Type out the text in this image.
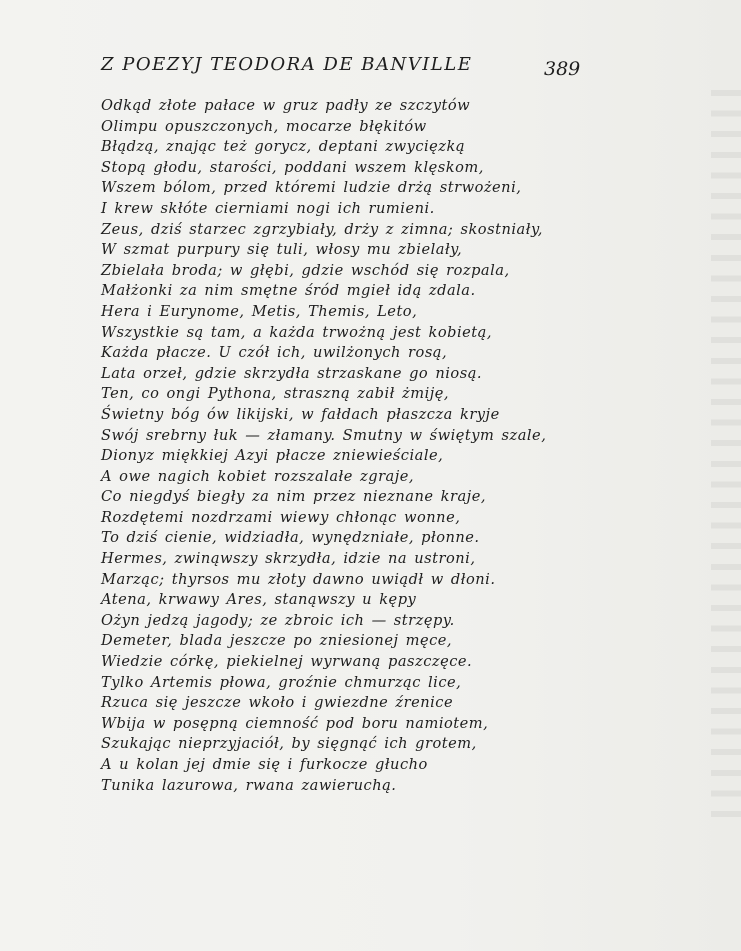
Z POEZYJ TEODORA DE BANVILLE	389
Odkąd złote pałace w gruz padły ze szczytów
Olimpu opuszczonych, mocarze błękitów
Błądzą, znając też gorycz, deptani zwycięzką
Stopą głodu, starości, poddani wszem klęskom,
Wszem bólom, przed któremi ludzie drżą strwożeni,
I krew skłóte cierniami nogi ich rumieni.
Zeus, dziś starzec zgrzybiały, drży z zimna; skostniały,
W szmat purpury się tuli, włosy mu zbielały,
Zbielała broda; w głębi, gdzie wschód się rozpala,
Małżonki za nim smętne śród mgieł idą zdala.
Hera i Eurynome, Metis, Themis, Leto,
Wszystkie są tam, a każda trwożną jest kobietą,
Każda płacze. U czół ich, uwilżonych rosą,
Lata orzeł, gdzie skrzydła strzaskane go niosą.
Ten, co ongi Pythona, straszną zabił żmiję,
Świetny bóg ów likijski, w fałdach płaszcza kryje
Swój srebrny łuk — złamany. Smutny w świętym szale,
Dionyz miękkiej Azyi płacze zniewieściale,
A owe nagich kobiet rozszalałe zgraje,
Co niegdyś biegły za nim przez nieznane kraje,
Rozdętemi nozdrzami wiewy chłonąc wonne,
To dziś cienie, widziadła, wynędzniałe, płonne.
Hermes, zwinąwszy skrzydła, idzie na ustroni,
Marząc; thyrsos mu złoty dawno uwiądł w dłoni.
Atena, krwawy Ares, stanąwszy u kępy
Ożyn jedzą jagody; ze zbroic ich — strzępy.
Demeter, blada jeszcze po zniesionej męce,
Wiedzie córkę, piekielnej wyrwaną paszczęce.
Tylko Artemis płowa, groźnie chmurząc lice,
Rzuca się jeszcze wkoło i gwiezdne źrenice
Wbija w posępną ciemność pod boru namiotem,
Szukając nieprzyjaciół, by sięgnąć ich grotem,
A u kolan jej dmie się i furkocze głucho
Tunika lazurowa, rwana zawieruchą.
